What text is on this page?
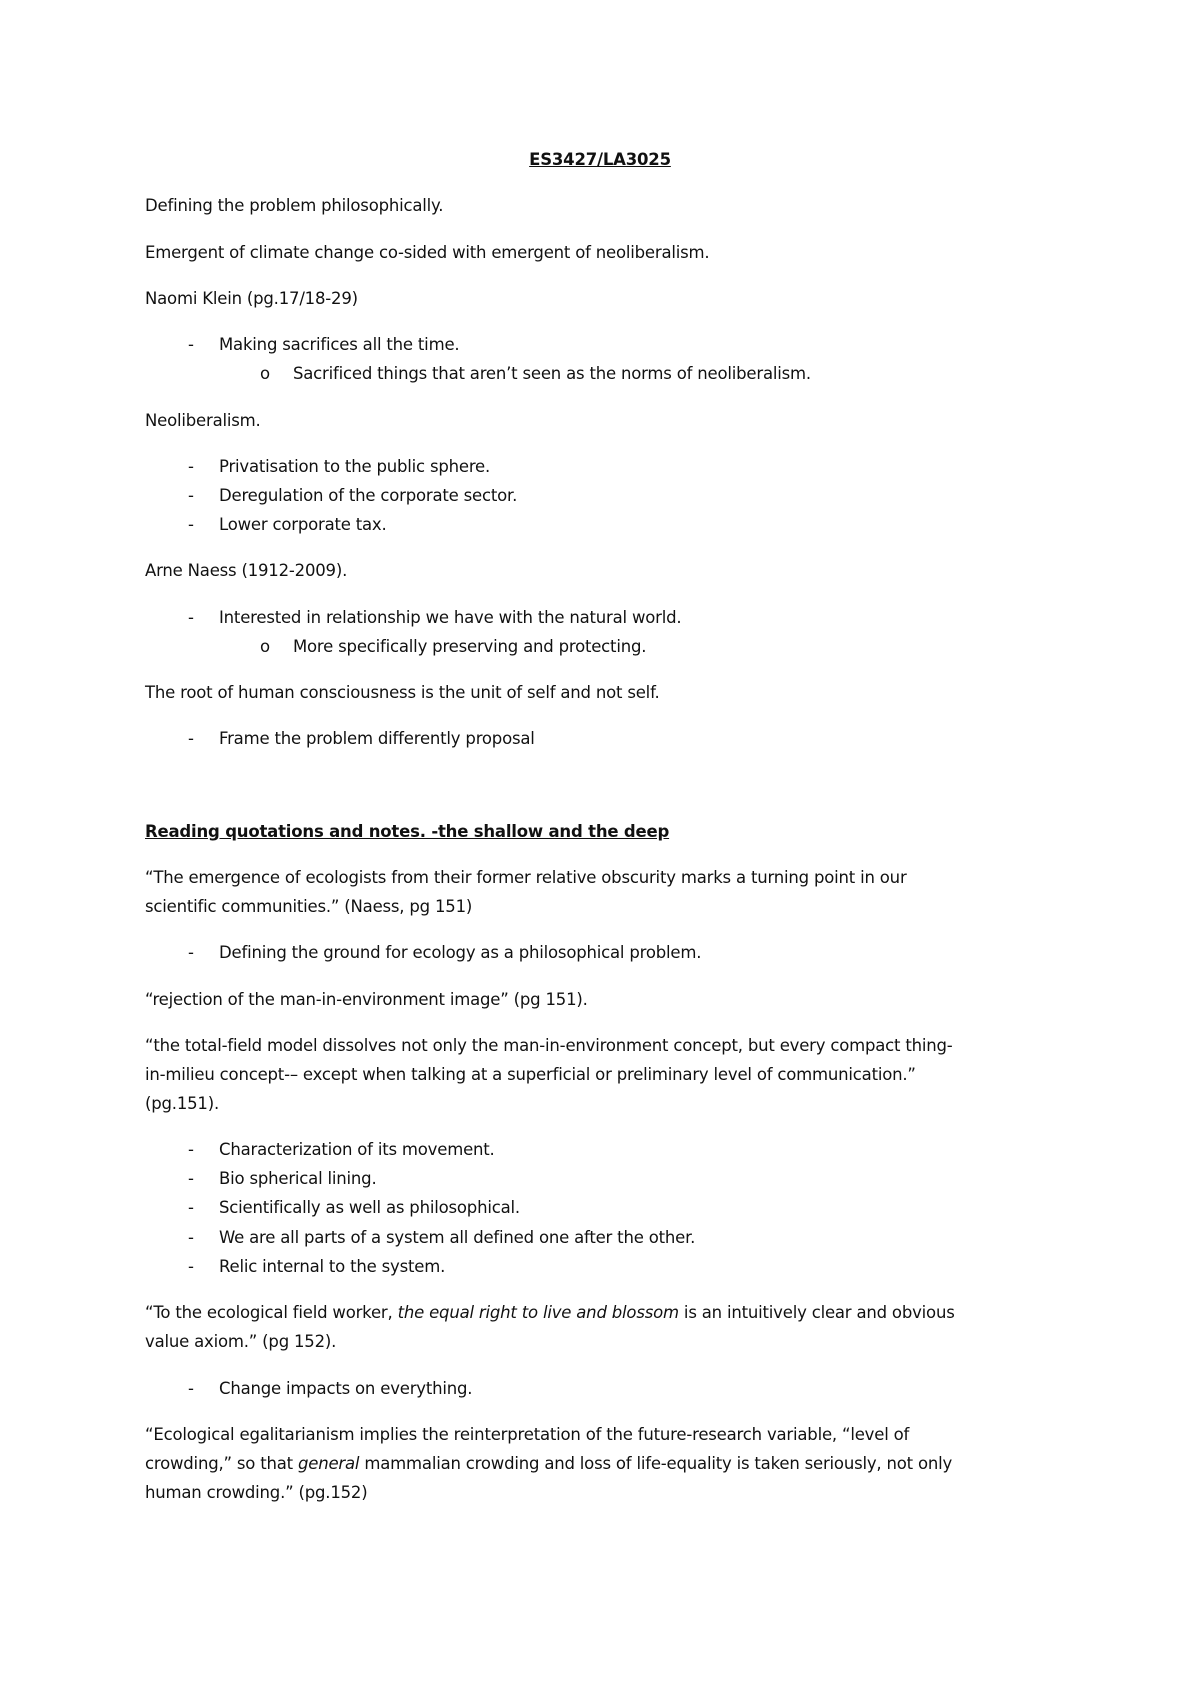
ES3427/LA3025
Defining the problem philosophically.
Emergent of climate change co-sided with emergent of neoliberalism.
Naomi Klein (pg.17/18-29)
- Making sacrifices all the time.
o Sacrificed things that aren’t seen as the norms of neoliberalism.
Neoliberalism.
- Privatisation to the public sphere.
- Deregulation of the corporate sector.
- Lower corporate tax.
Arne Naess (1912-2009).
- Interested in relationship we have with the natural world.
o More specifically preserving and protecting.
The root of human consciousness is the unit of self and not self.
- Frame the problem differently proposal
Reading quotations and notes. -the shallow and the deep
“The emergence of ecologists from their former relative obscurity marks a turning point in our
scientific communities.” (Naess, pg 151)
- Defining the ground for ecology as a philosophical problem.
“rejection of the man-in-environment image” (pg 151).
“the total-field model dissolves not only the man-in-environment concept, but every compact thing-
in-milieu concept-– except when talking at a superficial or preliminary level of communication.”
(pg.151).
- Characterization of its movement.
- Bio spherical lining.
- Scientifically as well as philosophical.
- We are all parts of a system all defined one after the other.
- Relic internal to the system.
“To the ecological field worker, the equal right to live and blossom is an intuitively clear and obvious
value axiom.” (pg 152).
- Change impacts on everything.
“Ecological egalitarianism implies the reinterpretation of the future-research variable, “level of
crowding,” so that general mammalian crowding and loss of life-equality is taken seriously, not only
human crowding.” (pg.152)
